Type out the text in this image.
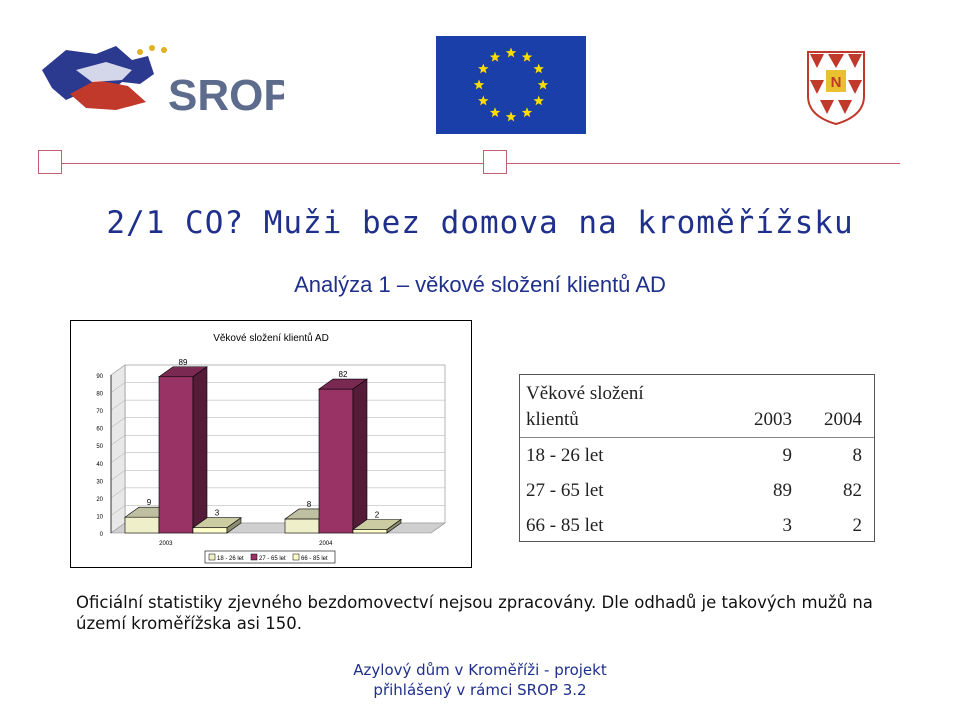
SROP	N
2/1 CO? Muži bez domova na kroměřížsku
Analýza 1 – věkové složení klientů AD
Věkové složení klientů AD
0
10
20
30
40
50
60
70
80
90
9
89
3
2003
8
82
2
2004
18 - 26 let	27 - 65 let	66 - 85 let
Věkové složení
klientů	2003 2004
18 - 26 let	9	8
27 - 65 let	89	82
66 - 85 let	3	2
Oficiální statistiky zjevného bezdomovectví nejsou zpracovány. Dle odhadů je takových mužů na území kroměřížska asi 150.
Azylový dům v Kroměříži - projekt
přihlášený v rámci SROP 3.2
